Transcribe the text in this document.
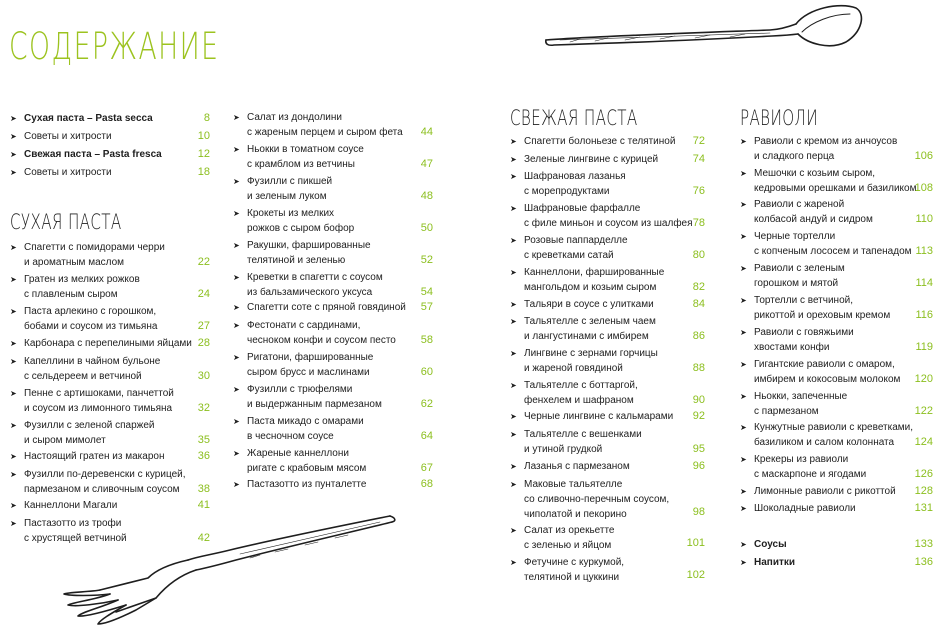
СОДЕРЖАНИЕ
➤ Сухая паста – Pasta secca	8
➤ Советы и хитрости	10
➤ Свежая паста – Pasta fresca	12
➤ Советы и хитрости	18
СУХАЯ ПАСТА
➤ Спагетти с помидорами черри
и ароматным маслом	22
➤ Гратен из мелких рожков
с плавленым сыром	24
➤ Паста арлекино с горошком,
бобами и соусом из тимьяна	27
➤ Карбонара с перепелиными яйцами 28
➤ Капеллини в чайном бульоне
с сельдереем и ветчиной	30
➤ Пенне с артишоками, панчеттой
и соусом из лимонного тимьяна 32
➤ Фузилли с зеленой спаржей
и сыром мимолет	35
➤ Настоящий гратен из макарон	36
➤ Фузилли по-деревенски с курицей,
пармезаном и сливочным соусом 38
➤ Каннеллони Магали	41
➤ Пастазотто из трофи
с хрустящей ветчиной	42
➤ Салат из дондолини
с жареным перцем и сыром фета 44
➤ Ньокки в томатном соусе
с крамблом из ветчины	47
➤ Фузилли с пикшей
и зеленым луком	48
➤ Крокеты из мелких
рожков с сыром бофор	50
➤ Ракушки, фаршированные
телятиной и зеленью	52
➤ Креветки в спагетти с соусом
из бальзамического уксуса	54
➤ Спагетти соте с пряной говядиной 57
➤ Фестонати с сардинами,
чесноком конфи и соусом песто 58
➤ Ригатони, фаршированные
сыром брусс и маслинами	60
➤ Фузилли с трюфелями
и выдержанным пармезаном	62
➤ Паста микадо с омарами
в чесночном соусе	64
➤ Жареные каннеллони
ригате с крабовым мясом	67
➤ Пастазотто из пунталетте	68
СВЕЖАЯ ПАСТА
➤ Спагетти болоньезе с телятиной 72
➤ Зеленые лингвине с курицей	74
➤ Шафрановая лазанья
с морепродуктами	76
➤ Шафрановые фарфалле
с филе миньон и соусом из шалфея 78
➤ Розовые паппарделле
с креветками сатай	80
➤ Каннеллони, фаршированные
мангольдом и козьим сыром	82
➤ Тальяри в соусе с улитками	84
➤ Тальятелле с зеленым чаем
и лангустинами с имбирем	86
➤ Лингвине с зернами горчицы
и жареной говядиной	88
➤ Тальятелле с боттаргой,
фенхелем и шафраном	90
➤ Черные лингвине с кальмарами 92
➤ Тальятелле с вешенками
и утиной грудкой	95
➤ Лазанья с пармезаном	96
➤ Маковые тальятелле
со сливочно-перечным соусом,
чиполатой и пекорино	98
➤ Салат из орекьетте
с зеленью и яйцом	101
➤ Фетучине с куркумой,
телятиной и цуккини	102
РАВИОЛИ
➤ Равиоли с кремом из анчоусов
и сладкого перца	106
➤ Мешочки с козьим сыром,
кедровыми орешками и базиликом
108
➤ Равиоли с жареной
колбасой андуй и сидром	110
➤ Черные тортелли
с копченым лососем и тапенадом 113
➤ Равиоли с зеленым
горошком и мятой	114
➤ Тортелли с ветчиной,
рикоттой и ореховым кремом 116
➤ Равиоли с говяжьими
хвостами конфи	119
➤ Гигантские равиоли с омаром,
имбирем и кокосовым молоком 120
➤ Ньокки, запеченные
с пармезаном	122
➤ Кунжутные равиоли с креветками,
базиликом и салом колонната 124
➤ Крекеры из равиоли
с маскарпоне и ягодами	126
➤ Лимонные равиоли с рикоттой 128
➤ Шоколадные равиоли	131
➤ Соусы	133
➤ Напитки	136
